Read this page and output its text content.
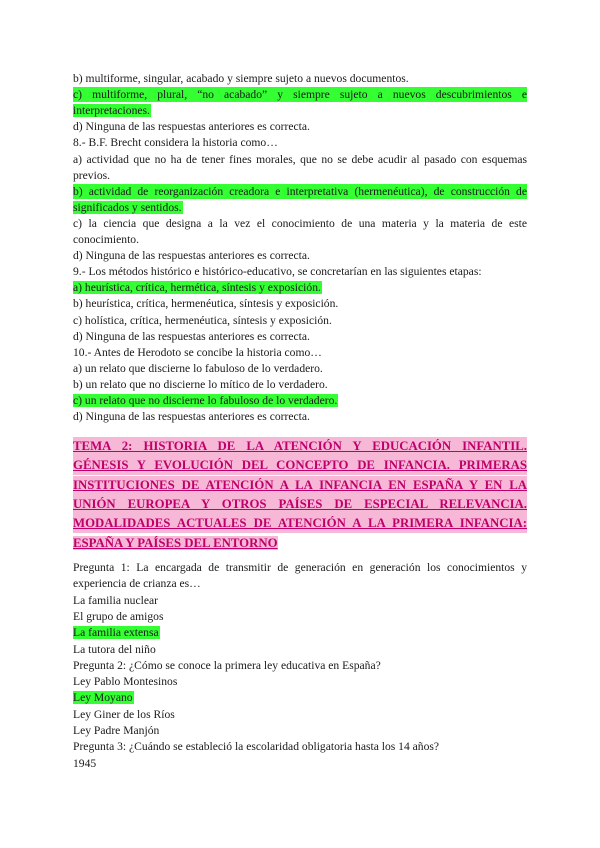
b) multiforme, singular, acabado y siempre sujeto a nuevos documentos.
c) multiforme, plural, “no acabado” y siempre sujeto a nuevos descubrimientos e
interpretaciones.
d) Ninguna de las respuestas anteriores es correcta.
8.- B.F. Brecht considera la historia como…
a) actividad que no ha de tener fines morales, que no se debe acudir al pasado con esquemas
previos.
b) actividad de reorganización creadora e interpretativa (hermenéutica), de construcción de
significados y sentidos.
c) la ciencia que designa a la vez el conocimiento de una materia y la materia de este
conocimiento.
d) Ninguna de las respuestas anteriores es correcta.
9.- Los métodos histórico e histórico-educativo, se concretarían en las siguientes etapas:
a) heurística, crítica, hermética, síntesis y exposición.
b) heurística, crítica, hermenéutica, síntesis y exposición.
c) holística, crítica, hermenéutica, síntesis y exposición.
d) Ninguna de las respuestas anteriores es correcta.
10.- Antes de Herodoto se concibe la historia como…
a) un relato que discierne lo fabuloso de lo verdadero.
b) un relato que no discierne lo mítico de lo verdadero.
c) un relato que no discierne lo fabuloso de lo verdadero.
d) Ninguna de las respuestas anteriores es correcta.
TEMA 2: HISTORIA DE LA ATENCIÓN Y EDUCACIÓN INFANTIL.
GÉNESIS Y EVOLUCIÓN DEL CONCEPTO DE INFANCIA. PRIMERAS
INSTITUCIONES DE ATENCIÓN A LA INFANCIA EN ESPAÑA Y EN LA
UNIÓN EUROPEA Y OTROS PAÍSES DE ESPECIAL RELEVANCIA.
MODALIDADES ACTUALES DE ATENCIÓN A LA PRIMERA INFANCIA:
ESPAÑA Y PAÍSES DEL ENTORNO
Pregunta 1: La encargada de transmitir de generación en generación los conocimientos y
experiencia de crianza es…
La familia nuclear
El grupo de amigos
La familia extensa
La tutora del niño
Pregunta 2: ¿Cómo se conoce la primera ley educativa en España?
Ley Pablo Montesinos
Ley Moyano
Ley Giner de los Ríos
Ley Padre Manjón
Pregunta 3: ¿Cuándo se estableció la escolaridad obligatoria hasta los 14 años?
1945
